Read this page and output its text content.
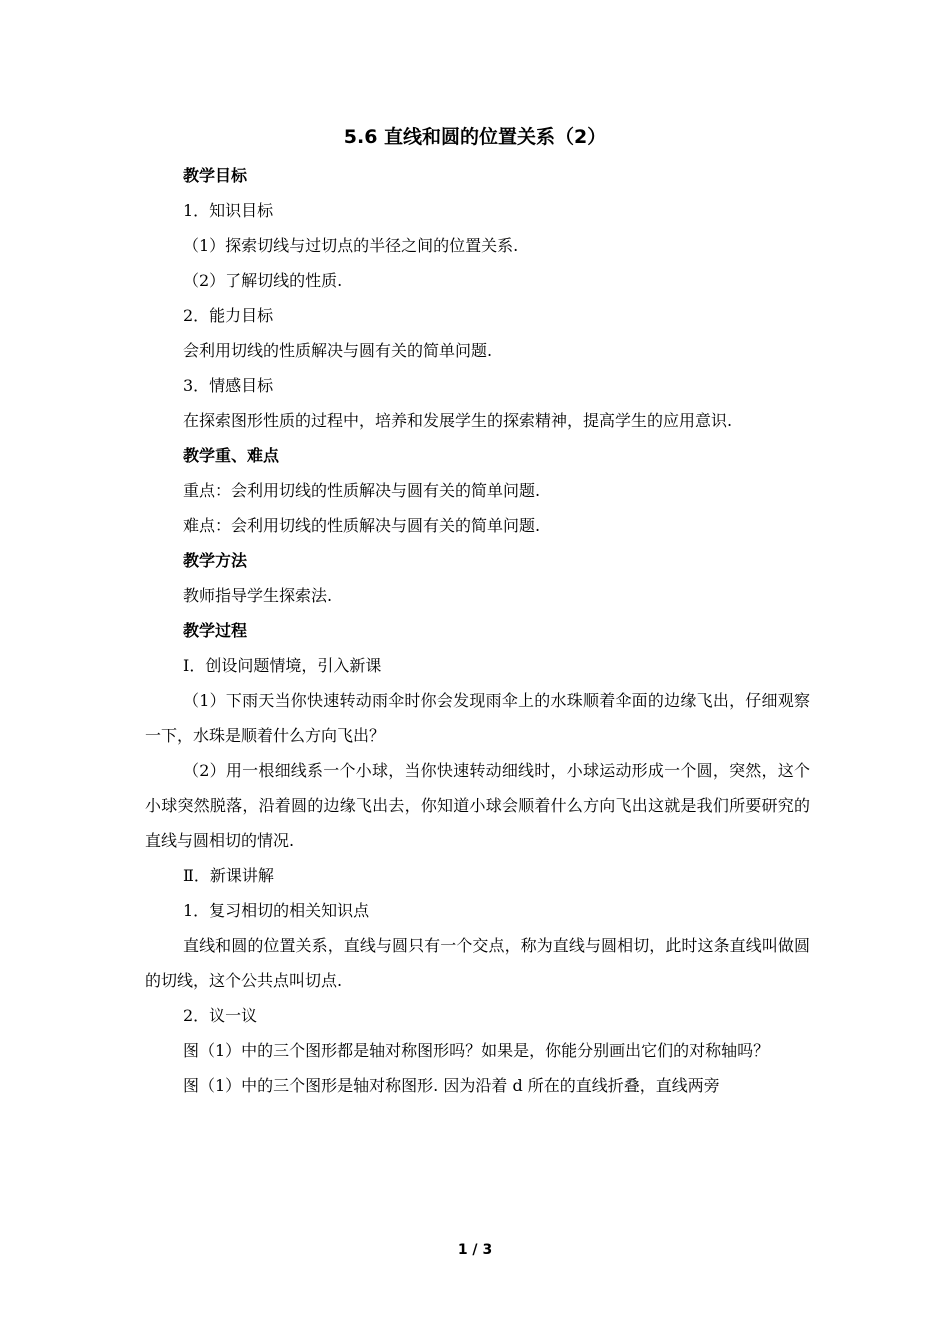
5.6 直线和圆的位置关系（2）

教学目标

1．知识目标

（1）探索切线与过切点的半径之间的位置关系.

（2）了解切线的性质.

2．能力目标

会利用切线的性质解决与圆有关的简单问题.

3．情感目标

在探索图形性质的过程中，培养和发展学生的探索精神，提高学生的应用意识.

教学重、难点

重点：会利用切线的性质解决与圆有关的简单问题.

难点：会利用切线的性质解决与圆有关的简单问题.

教学方法

教师指导学生探索法.

教学过程

Ⅰ．创设问题情境，引入新课

（1）下雨天当你快速转动雨伞时你会发现雨伞上的水珠顺着伞面的边缘飞出，仔细观察一下，水珠是顺着什么方向飞出？

（2）用一根细线系一个小球，当你快速转动细线时，小球运动形成一个圆，突然，这个小球突然脱落，沿着圆的边缘飞出去，你知道小球会顺着什么方向飞出这就是我们所要研究的直线与圆相切的情况.

Ⅱ．新课讲解

1．复习相切的相关知识点

直线和圆的位置关系，直线与圆只有一个交点，称为直线与圆相切，此时这条直线叫做圆的切线，这个公共点叫切点.

2．议一议

图（1）中的三个图形都是轴对称图形吗？如果是，你能分别画出它们的对称轴吗？

图（1）中的三个图形是轴对称图形. 因为沿着 d 所在的直线折叠，直线两旁

1 / 3
